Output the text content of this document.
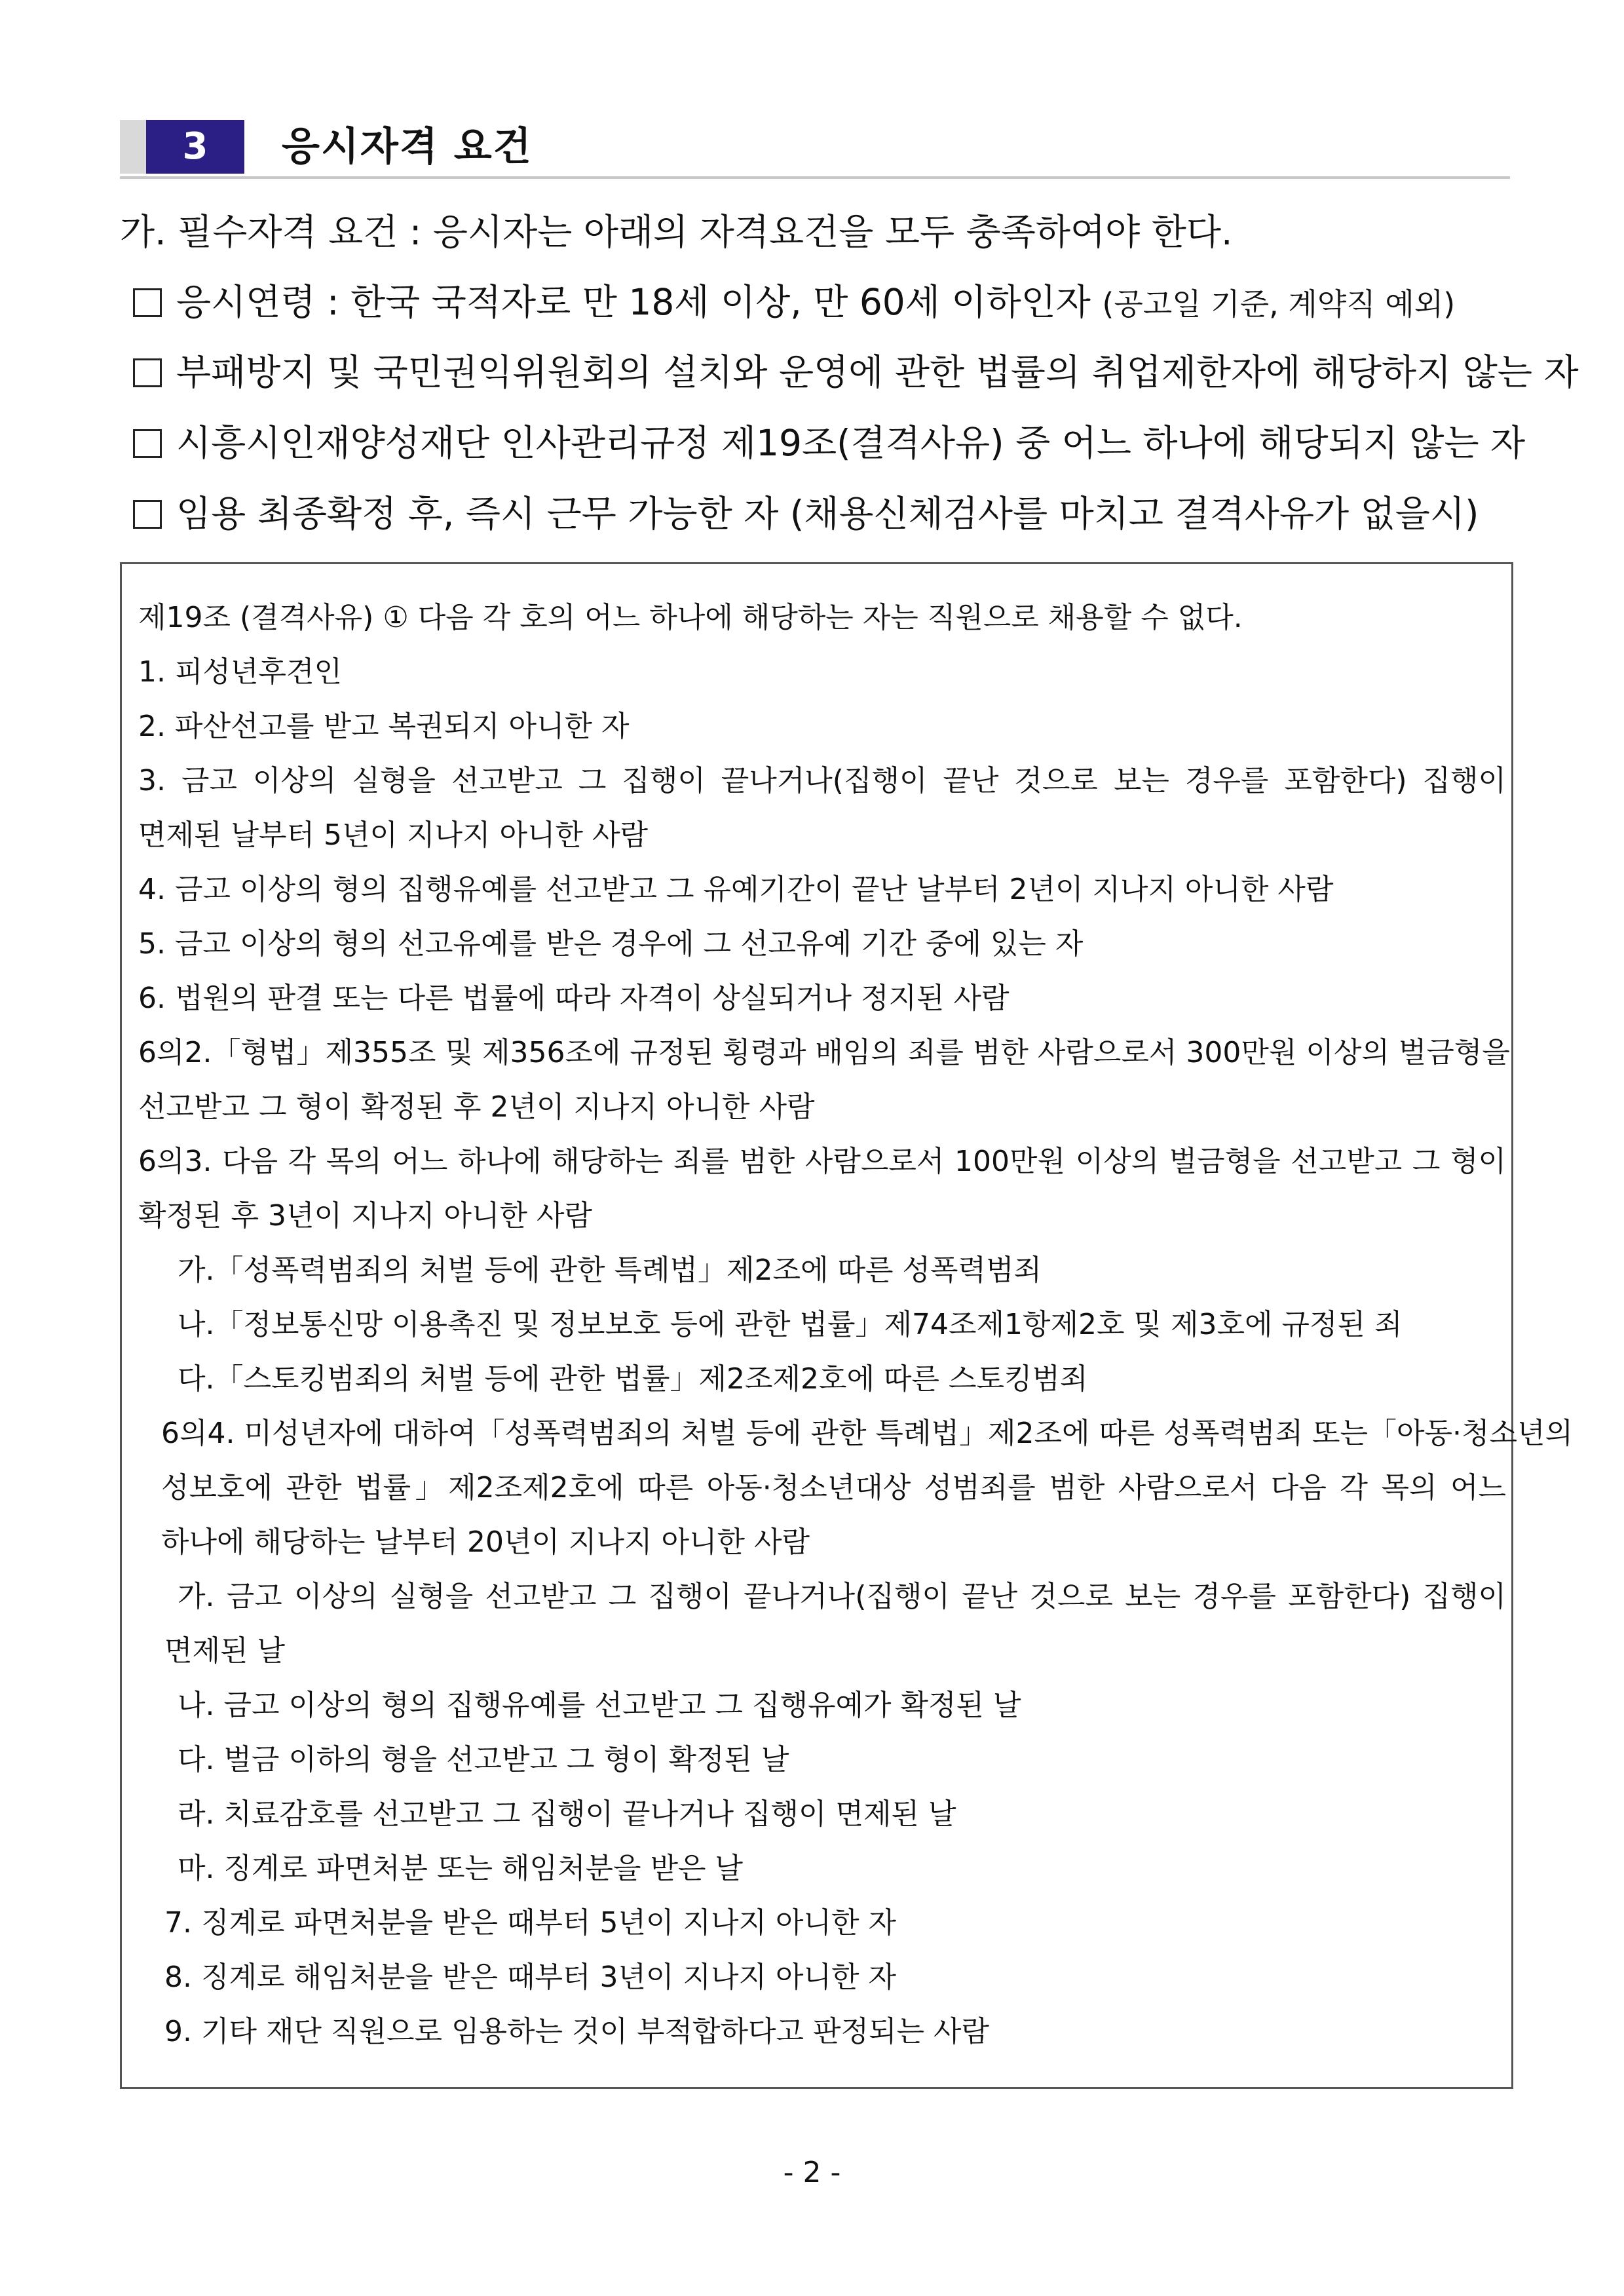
3	응시자격 요건
가. 필수자격 요건 : 응시자는 아래의 자격요건을 모두 충족하여야 한다.
응시연령 : 한국 국적자로 만 18세 이상, 만 60세 이하인자 (공고일 기준, 계약직 예외)
부패방지 및 국민권익위원회의 설치와 운영에 관한 법률의 취업제한자에 해당하지 않는 자
시흥시인재양성재단 인사관리규정 제19조(결격사유) 중 어느 하나에 해당되지 않는 자
임용 최종확정 후, 즉시 근무 가능한 자 (채용신체검사를 마치고 결격사유가 없을시)
제19조 (결격사유) ① 다음 각 호의 어느 하나에 해당하는 자는 직원으로 채용할 수 없다.
1. 피성년후견인
2. 파산선고를 받고 복권되지 아니한 자
3. 금고 이상의 실형을 선고받고 그 집행이 끝나거나(집행이 끝난 것으로 보는 경우를 포함한다) 집행이
면제된 날부터 5년이 지나지 아니한 사람
4. 금고 이상의 형의 집행유예를 선고받고 그 유예기간이 끝난 날부터 2년이 지나지 아니한 사람
5. 금고 이상의 형의 선고유예를 받은 경우에 그 선고유예 기간 중에 있는 자
6. 법원의 판결 또는 다른 법률에 따라 자격이 상실되거나 정지된 사람
6의2.「형법」제355조 및 제356조에 규정된 횡령과 배임의 죄를 범한 사람으로서 300만원 이상의 벌금형을
선고받고 그 형이 확정된 후 2년이 지나지 아니한 사람
6의3. 다음 각 목의 어느 하나에 해당하는 죄를 범한 사람으로서 100만원 이상의 벌금형을 선고받고 그 형이
확정된 후 3년이 지나지 아니한 사람
가.「성폭력범죄의 처벌 등에 관한 특례법」제2조에 따른 성폭력범죄
나.「정보통신망 이용촉진 및 정보보호 등에 관한 법률」제74조제1항제2호 및 제3호에 규정된 죄
다.「스토킹범죄의 처벌 등에 관한 법률」제2조제2호에 따른 스토킹범죄
6의4. 미성년자에 대하여「성폭력범죄의 처벌 등에 관한 특례법」제2조에 따른 성폭력범죄 또는「아동·청소년의
성보호에 관한 법률」제2조제2호에 따른 아동·청소년대상 성범죄를 범한 사람으로서 다음 각 목의 어느
하나에 해당하는 날부터 20년이 지나지 아니한 사람
가. 금고 이상의 실형을 선고받고 그 집행이 끝나거나(집행이 끝난 것으로 보는 경우를 포함한다) 집행이
면제된 날
나. 금고 이상의 형의 집행유예를 선고받고 그 집행유예가 확정된 날
다. 벌금 이하의 형을 선고받고 그 형이 확정된 날
라. 치료감호를 선고받고 그 집행이 끝나거나 집행이 면제된 날
마. 징계로 파면처분 또는 해임처분을 받은 날
7. 징계로 파면처분을 받은 때부터 5년이 지나지 아니한 자
8. 징계로 해임처분을 받은 때부터 3년이 지나지 아니한 자
9. 기타 재단 직원으로 임용하는 것이 부적합하다고 판정되는 사람
- 2 -
